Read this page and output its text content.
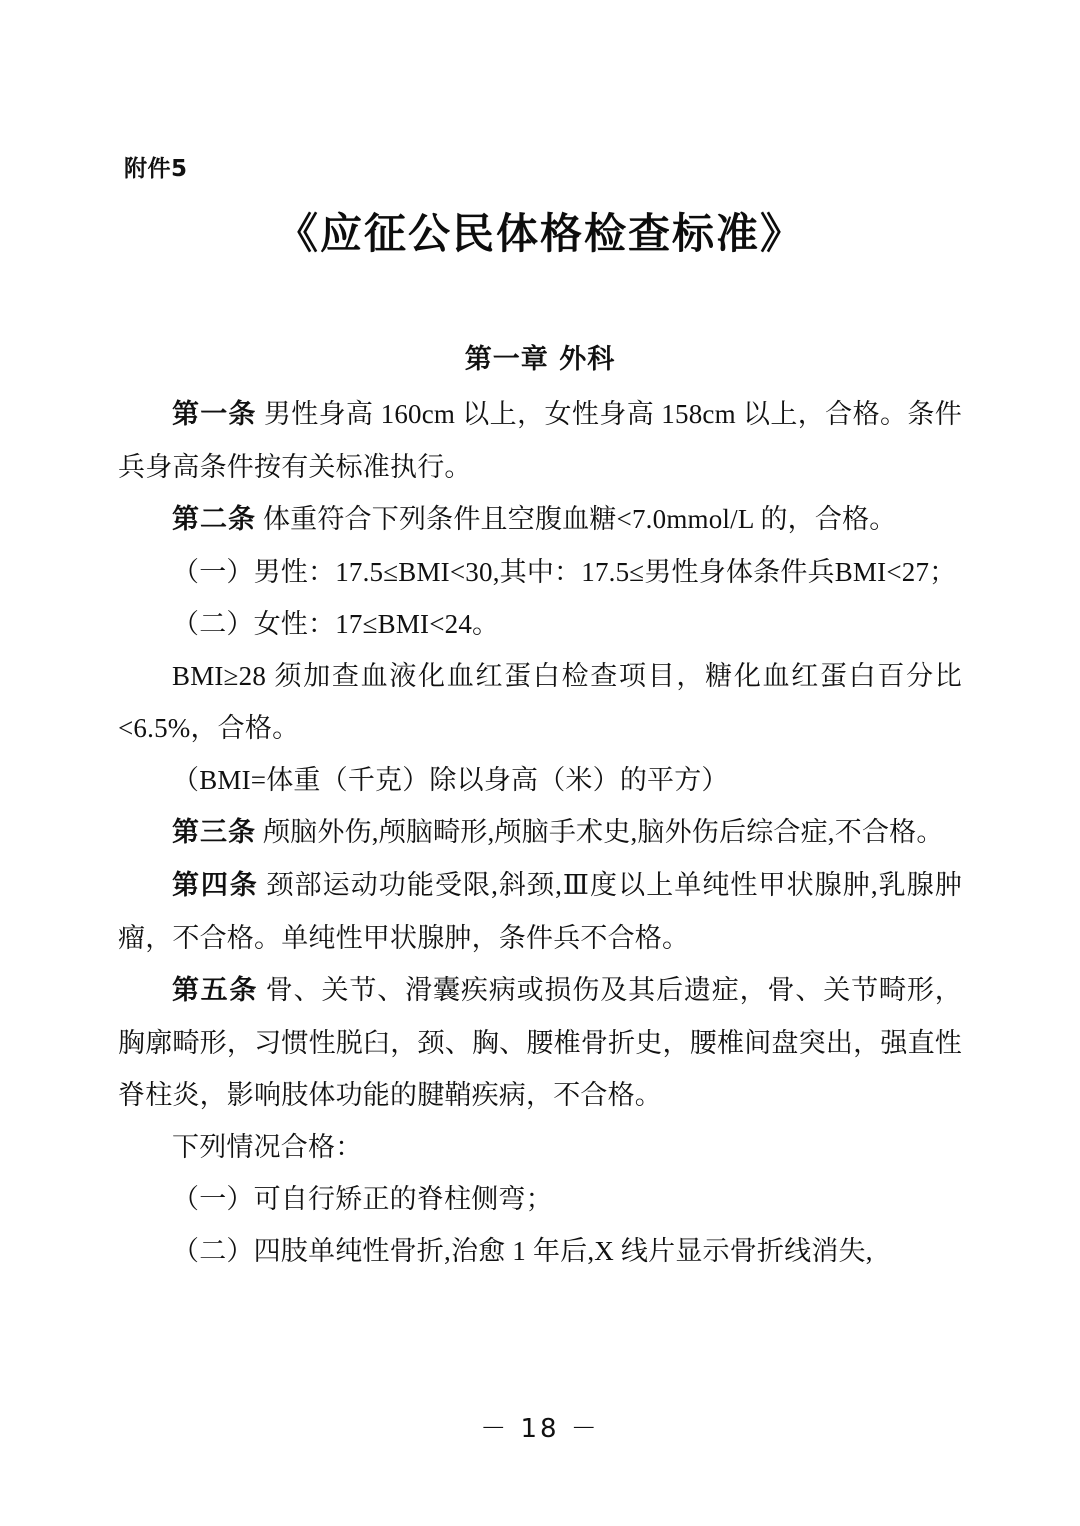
附件5
《应征公民体格检查标准》
第一章 外科

第一条 男性身高 160cm 以上，女性身高 158cm 以上，合格。条件兵身高条件按有关标准执行。

第二条 体重符合下列条件且空腹血糖<7.0mmol/L 的，合格。

（一）男性：17.5≤BMI<30,其中：17.5≤男性身体条件兵BMI<27；

（二）女性：17≤BMI<24。

BMI≥28 须加查血液化血红蛋白检查项目，糖化血红蛋白百分比<6.5%，合格。

（BMI=体重（千克）除以身高（米）的平方）

第三条 颅脑外伤,颅脑畸形,颅脑手术史,脑外伤后综合症,不合格。

第四条 颈部运动功能受限,斜颈,Ⅲ度以上单纯性甲状腺肿,乳腺肿瘤，不合格。单纯性甲状腺肿，条件兵不合格。

第五条 骨、关节、滑囊疾病或损伤及其后遗症，骨、关节畸形，胸廓畸形，习惯性脱臼，颈、胸、腰椎骨折史，腰椎间盘突出，强直性脊柱炎，影响肢体功能的腱鞘疾病，不合格。

下列情况合格：

（一）可自行矫正的脊柱侧弯；

（二）四肢单纯性骨折,治愈 1 年后,X 线片显示骨折线消失,

－ 18 －
